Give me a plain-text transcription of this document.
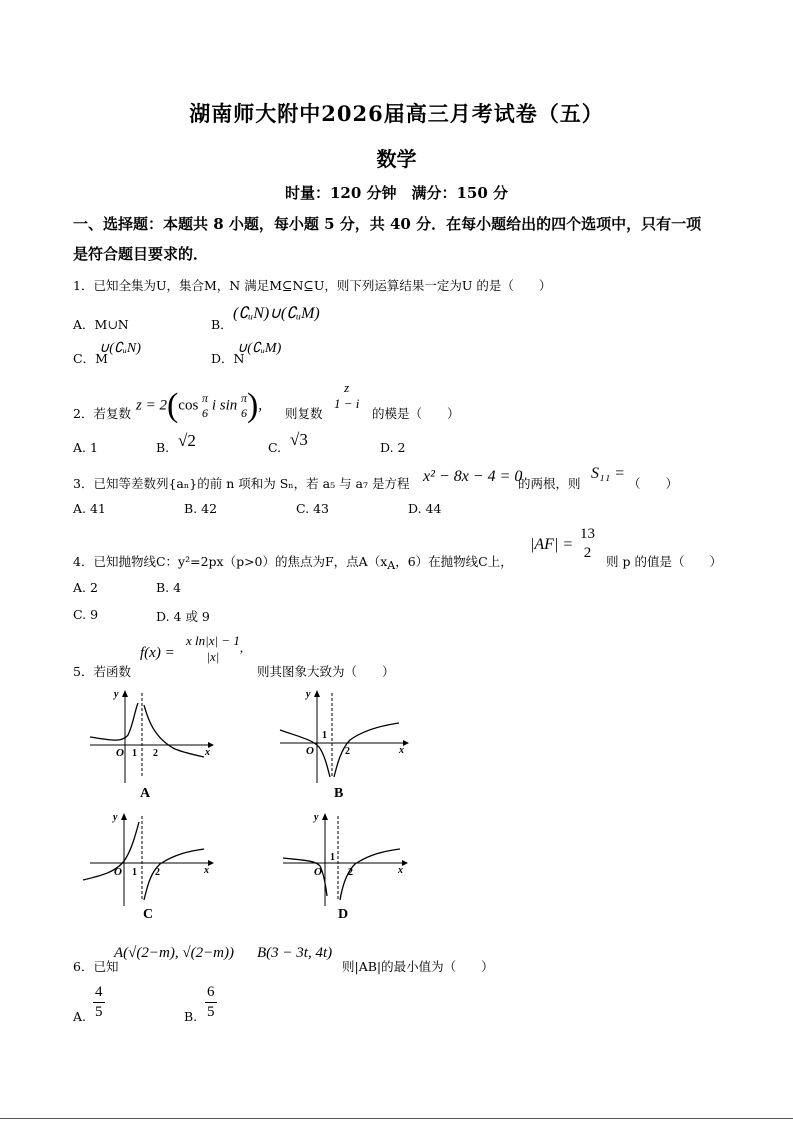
湖南师大附中2026届高三月考试卷（五）
数学
时量：120 分钟　满分：150 分
一、选择题：本题共 8 小题，每小题 5 分，共 40 分．在每小题给出的四个选项中，只有一项
是符合题目要求的．
1．已知全集为U，集合M，N 满足M⊆N⊆U，则下列运算结果一定为U 的是（　　）
A．M∪N	B．
(∁ᵤN)∪(∁ᵤM)
C．M
∪(∁ᵤN)
D．N
∪(∁ᵤM)
2．若复数
z = 2(cos π
6 i sin π
6 ),
则复数
z
1 − i
的模是（　　）
A. 1	B. √2	C. √3	D. 2
3．已知等差数列{aₙ}的前 n 项和为 Sₙ，若 a₅ 与 a₇ 是方程 x² − 8x − 4 = 0
的两根，则
S₁₁ =
（　　）
A. 41	B. 42	C. 43	D. 44
4．已知抛物线C：y²=2px（p>0）的焦点为F，点A（xA，6）在抛物线C上，
|AF| =
13
2
则 p 的值是（　　）
A. 2	B. 4
C. 9	D. 4 或 9
5．若函数
f(x) =
x ln|x| − 1
|x|
,
则其图象大致为（　　）
y
x
O 1 2
A
y
x
O
1
2
B
y
x
O 1 2
C
y
x
O
1
2
D
6．已知
A(√(2−m), √(2−m)) B(3 − 3t, 4t)
则|AB|的最小值为（　　）
A. $\frac{4}{5}$	B. $\frac{6}{5}$
